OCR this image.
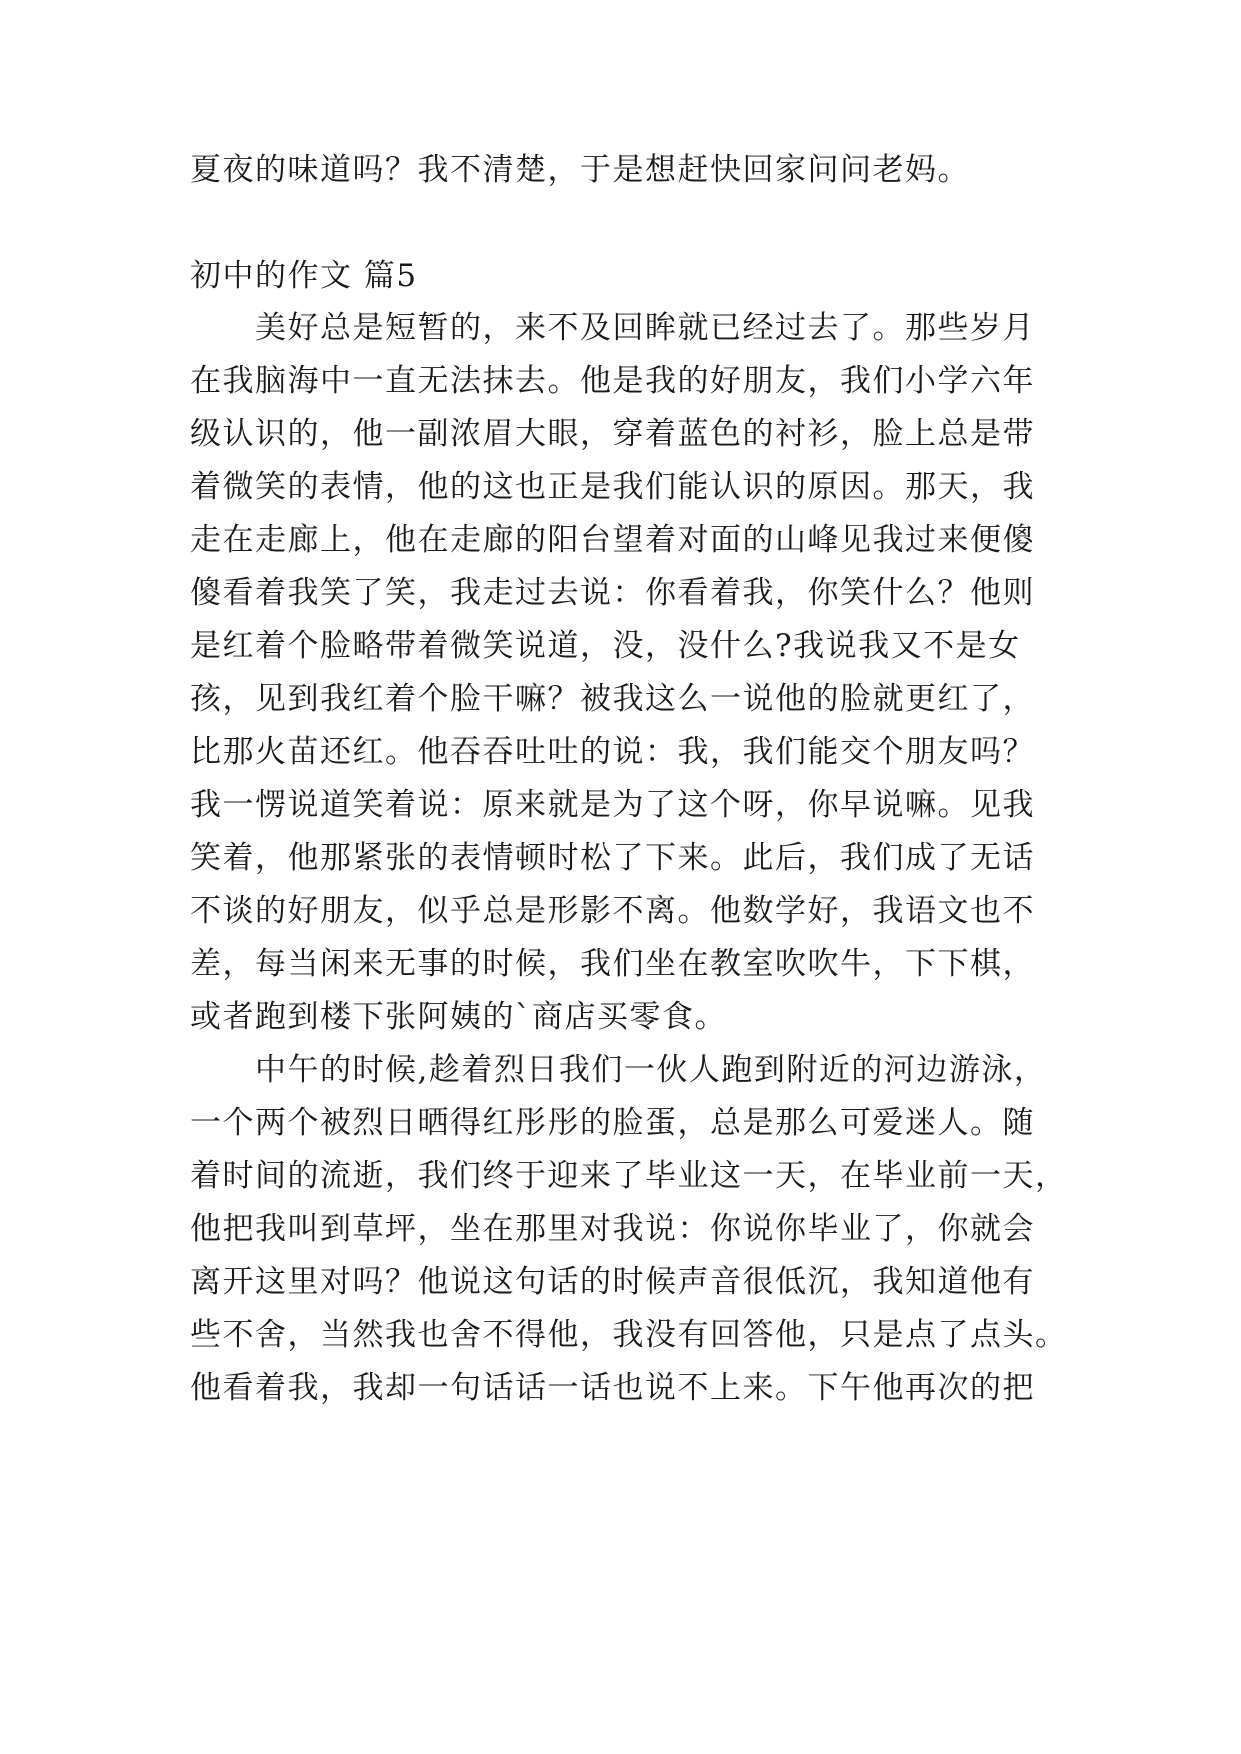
夏夜的味道吗？我不清楚，于是想赶快回家问问老妈。
初中的作文 篇5
美好总是短暂的，来不及回眸就已经过去了。那些岁月
在我脑海中一直无法抹去。他是我的好朋友，我们小学六年
级认识的，他一副浓眉大眼，穿着蓝色的衬衫，脸上总是带
着微笑的表情，他的这也正是我们能认识的原因。那天，我
走在走廊上，他在走廊的阳台望着对面的山峰见我过来便傻
傻看着我笑了笑，我走过去说：你看着我，你笑什么？他则
是红着个脸略带着微笑说道，没，没什么?我说我又不是女
孩，见到我红着个脸干嘛？被我这么一说他的脸就更红了，
比那火苗还红。他吞吞吐吐的说：我，我们能交个朋友吗？
我一愣说道笑着说：原来就是为了这个呀，你早说嘛。见我
笑着，他那紧张的表情顿时松了下来。此后，我们成了无话
不谈的好朋友，似乎总是形影不离。他数学好，我语文也不
差，每当闲来无事的时候，我们坐在教室吹吹牛，下下棋，
或者跑到楼下张阿姨的`商店买零食。
中午的时候,趁着烈日我们一伙人跑到附近的河边游泳，
一个两个被烈日晒得红彤彤的脸蛋，总是那么可爱迷人。随
着时间的流逝，我们终于迎来了毕业这一天，在毕业前一天，
他把我叫到草坪，坐在那里对我说：你说你毕业了，你就会
离开这里对吗？他说这句话的时候声音很低沉，我知道他有
些不舍，当然我也舍不得他，我没有回答他，只是点了点头。
他看着我，我却一句话话一话也说不上来。下午他再次的把
